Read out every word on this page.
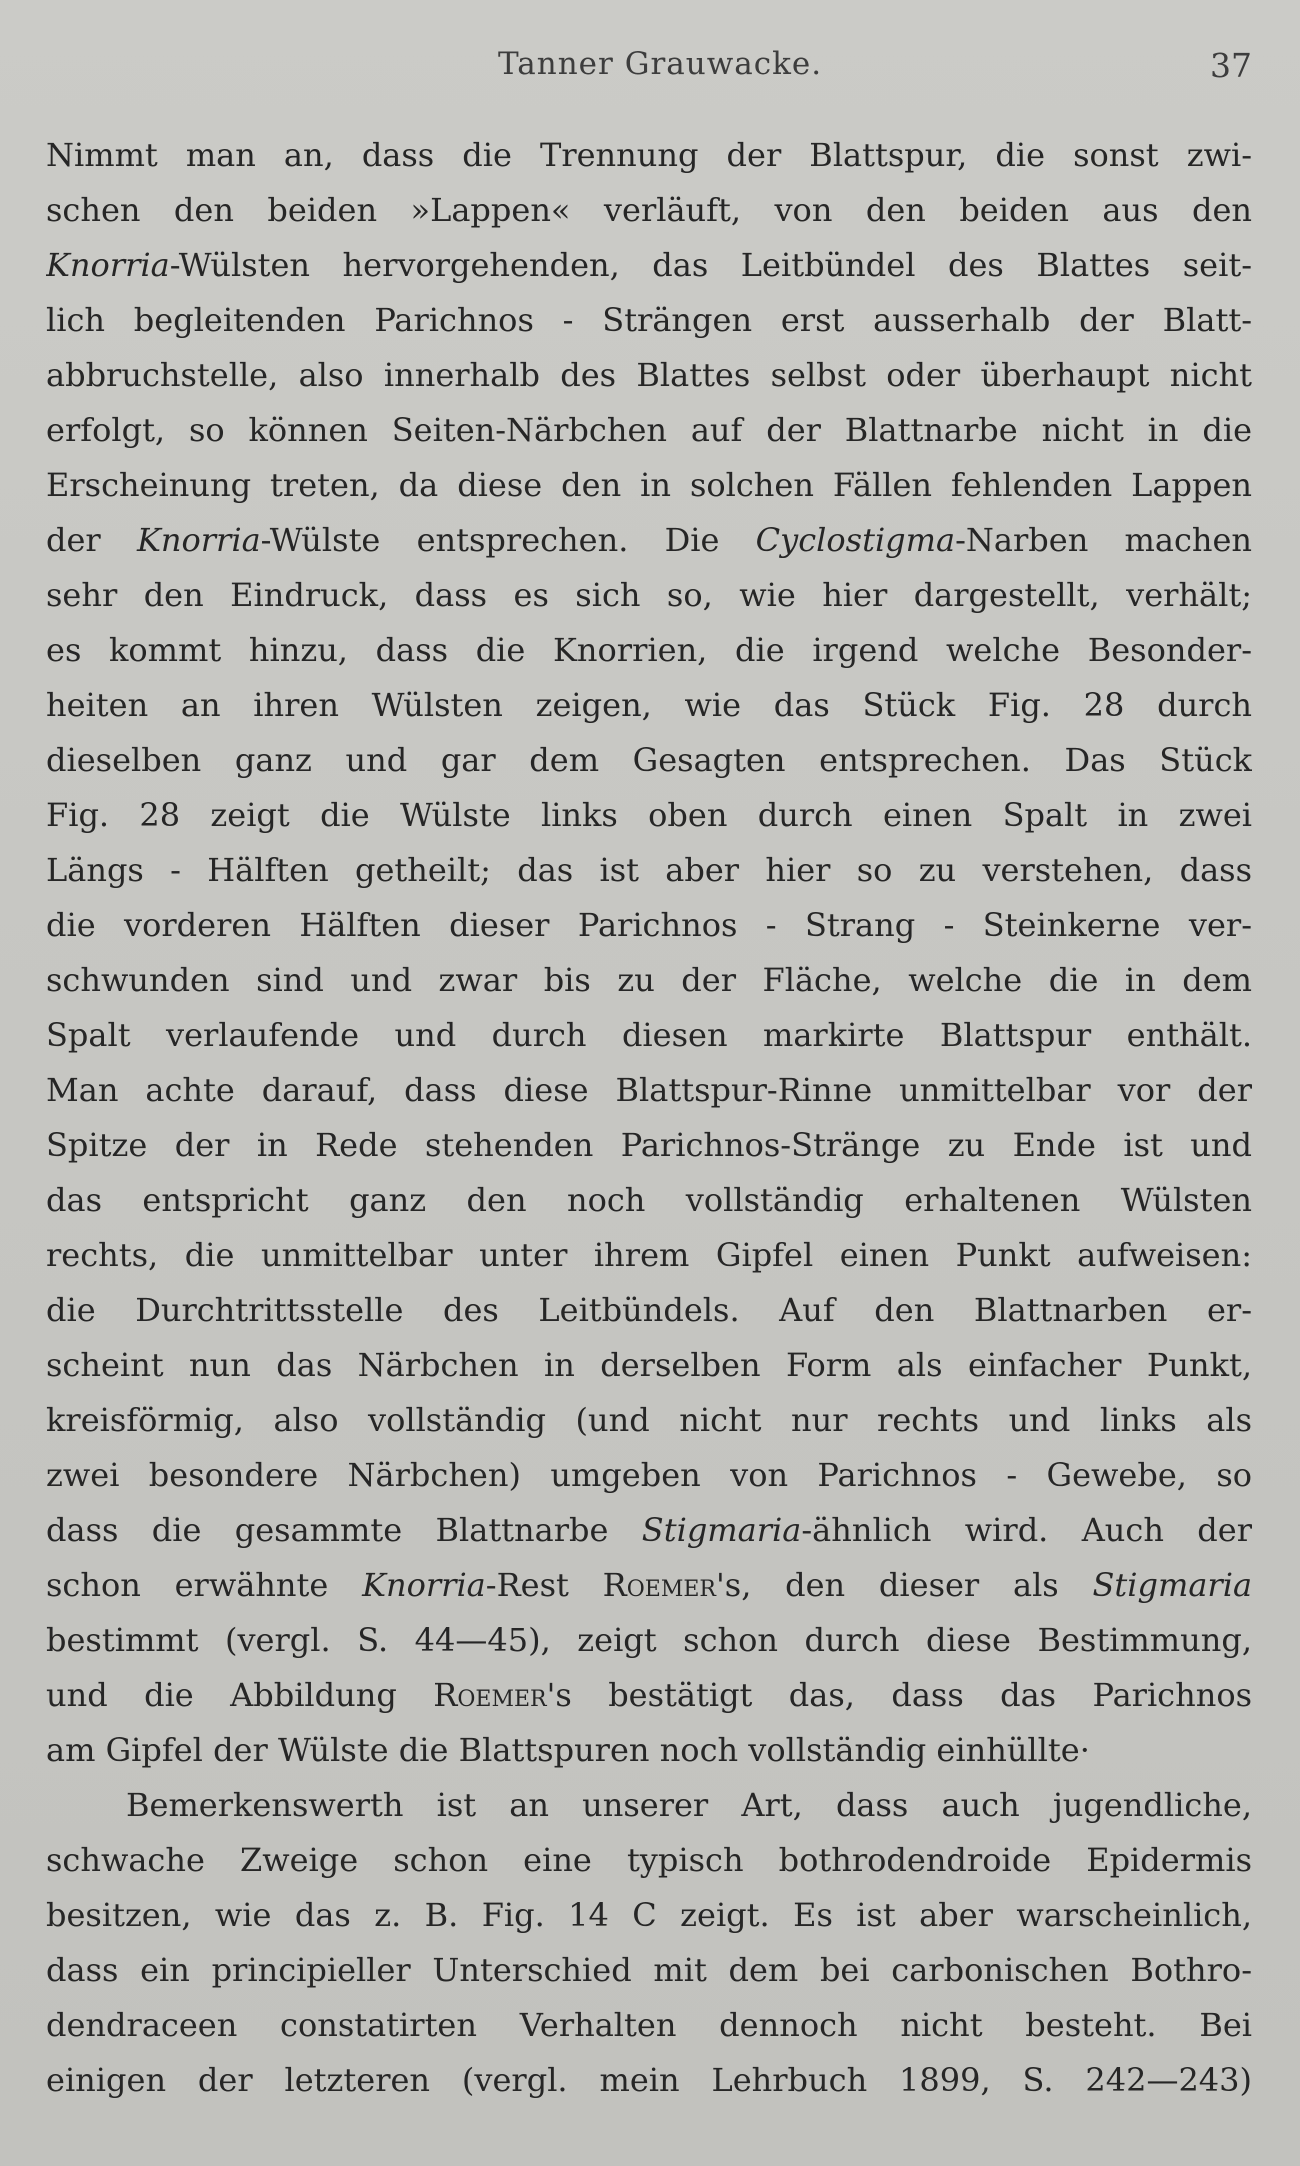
Tanner Grauwacke.	37
Nimmt man an, dass die Trennung der Blattspur, die sonst zwi-
schen den beiden »Lappen« verläuft, von den beiden aus den
Knorria-Wülsten hervorgehenden, das Leitbündel des Blattes seit-
lich begleitenden Parichnos - Strängen erst ausserhalb der Blatt-
abbruchstelle, also innerhalb des Blattes selbst oder überhaupt nicht
erfolgt, so können Seiten-Närbchen auf der Blattnarbe nicht in die
Erscheinung treten, da diese den in solchen Fällen fehlenden Lappen
der Knorria-Wülste entsprechen. Die Cyclostigma-Narben machen
sehr den Eindruck, dass es sich so, wie hier dargestellt, verhält;
es kommt hinzu, dass die Knorrien, die irgend welche Besonder-
heiten an ihren Wülsten zeigen, wie das Stück Fig. 28 durch
dieselben ganz und gar dem Gesagten entsprechen. Das Stück
Fig. 28 zeigt die Wülste links oben durch einen Spalt in zwei
Längs - Hälften getheilt; das ist aber hier so zu verstehen, dass
die vorderen Hälften dieser Parichnos - Strang - Steinkerne ver-
schwunden sind und zwar bis zu der Fläche, welche die in dem
Spalt verlaufende und durch diesen markirte Blattspur enthält.
Man achte darauf, dass diese Blattspur-Rinne unmittelbar vor der
Spitze der in Rede stehenden Parichnos-Stränge zu Ende ist und
das entspricht ganz den noch vollständig erhaltenen Wülsten
rechts, die unmittelbar unter ihrem Gipfel einen Punkt aufweisen:
die Durchtrittsstelle des Leitbündels. Auf den Blattnarben er-
scheint nun das Närbchen in derselben Form als einfacher Punkt,
kreisförmig, also vollständig (und nicht nur rechts und links als
zwei besondere Närbchen) umgeben von Parichnos - Gewebe, so
dass die gesammte Blattnarbe Stigmaria-ähnlich wird. Auch der
schon erwähnte Knorria-Rest Roemer's, den dieser als Stigmaria
bestimmt (vergl. S. 44—45), zeigt schon durch diese Bestimmung,
und die Abbildung Roemer's bestätigt das, dass das Parichnos
am Gipfel der Wülste die Blattspuren noch vollständig einhüllte·
Bemerkenswerth ist an unserer Art, dass auch jugendliche,
schwache Zweige schon eine typisch bothrodendroide Epidermis
besitzen, wie das z. B. Fig. 14 C zeigt. Es ist aber warscheinlich,
dass ein principieller Unterschied mit dem bei carbonischen Bothro-
dendraceen constatirten Verhalten dennoch nicht besteht. Bei
einigen der letzteren (vergl. mein Lehrbuch 1899, S. 242—243)
